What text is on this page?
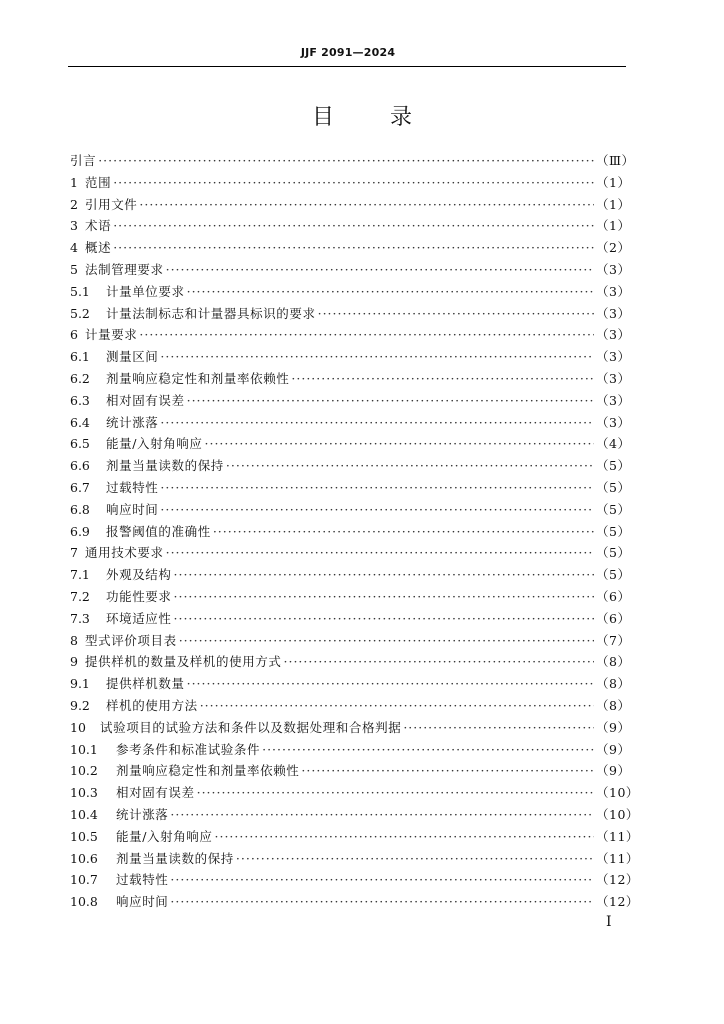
JJF 2091—2024
目	录
引言 ·····	（Ⅲ）
1 范围 ·····	（1）
2 引用文件 ·····	（1）
3 术语 ·····	（1）
4 概述 ·····	（2）
5 法制管理要求 ·····	（3）
5.1	计量单位要求 ·····	（3）
5.2	计量法制标志和计量器具标识的要求 ·····	（3）
6 计量要求 ·····	（3）
6.1	测量区间 ·····	（3）
6.2	剂量响应稳定性和剂量率依赖性 ·····	（3）
6.3	相对固有误差 ·····	（3）
6.4	统计涨落 ·····	（3）
6.5	能量/入射角响应 ·····	（4）
6.6	剂量当量读数的保持 ·····	（5）
6.7	过载特性 ·····	（5）
6.8	响应时间 ·····	（5）
6.9	报警阈值的准确性 ·····	（5）
7 通用技术要求 ·····	（5）
7.1	外观及结构 ·····	（5）
7.2	功能性要求 ·····	（6）
7.3	环境适应性 ·····	（6）
8 型式评价项目表 ·····	（7）
9 提供样机的数量及样机的使用方式 ·····	（8）
9.1	提供样机数量 ·····	（8）
9.2	样机的使用方法 ·····	（8）
10	试验项目的试验方法和条件以及数据处理和合格判据 ·····	（9）
10.1	参考条件和标准试验条件 ·····	（9）
10.2	剂量响应稳定性和剂量率依赖性 ·····	（9）
10.3	相对固有误差 ·····	（10）
10.4	统计涨落 ·····	（10）
10.5	能量/入射角响应 ·····	（11）
10.6	剂量当量读数的保持 ·····	（11）
10.7	过载特性 ·····	（12）
10.8	响应时间 ·····	（12）
Ⅰ
